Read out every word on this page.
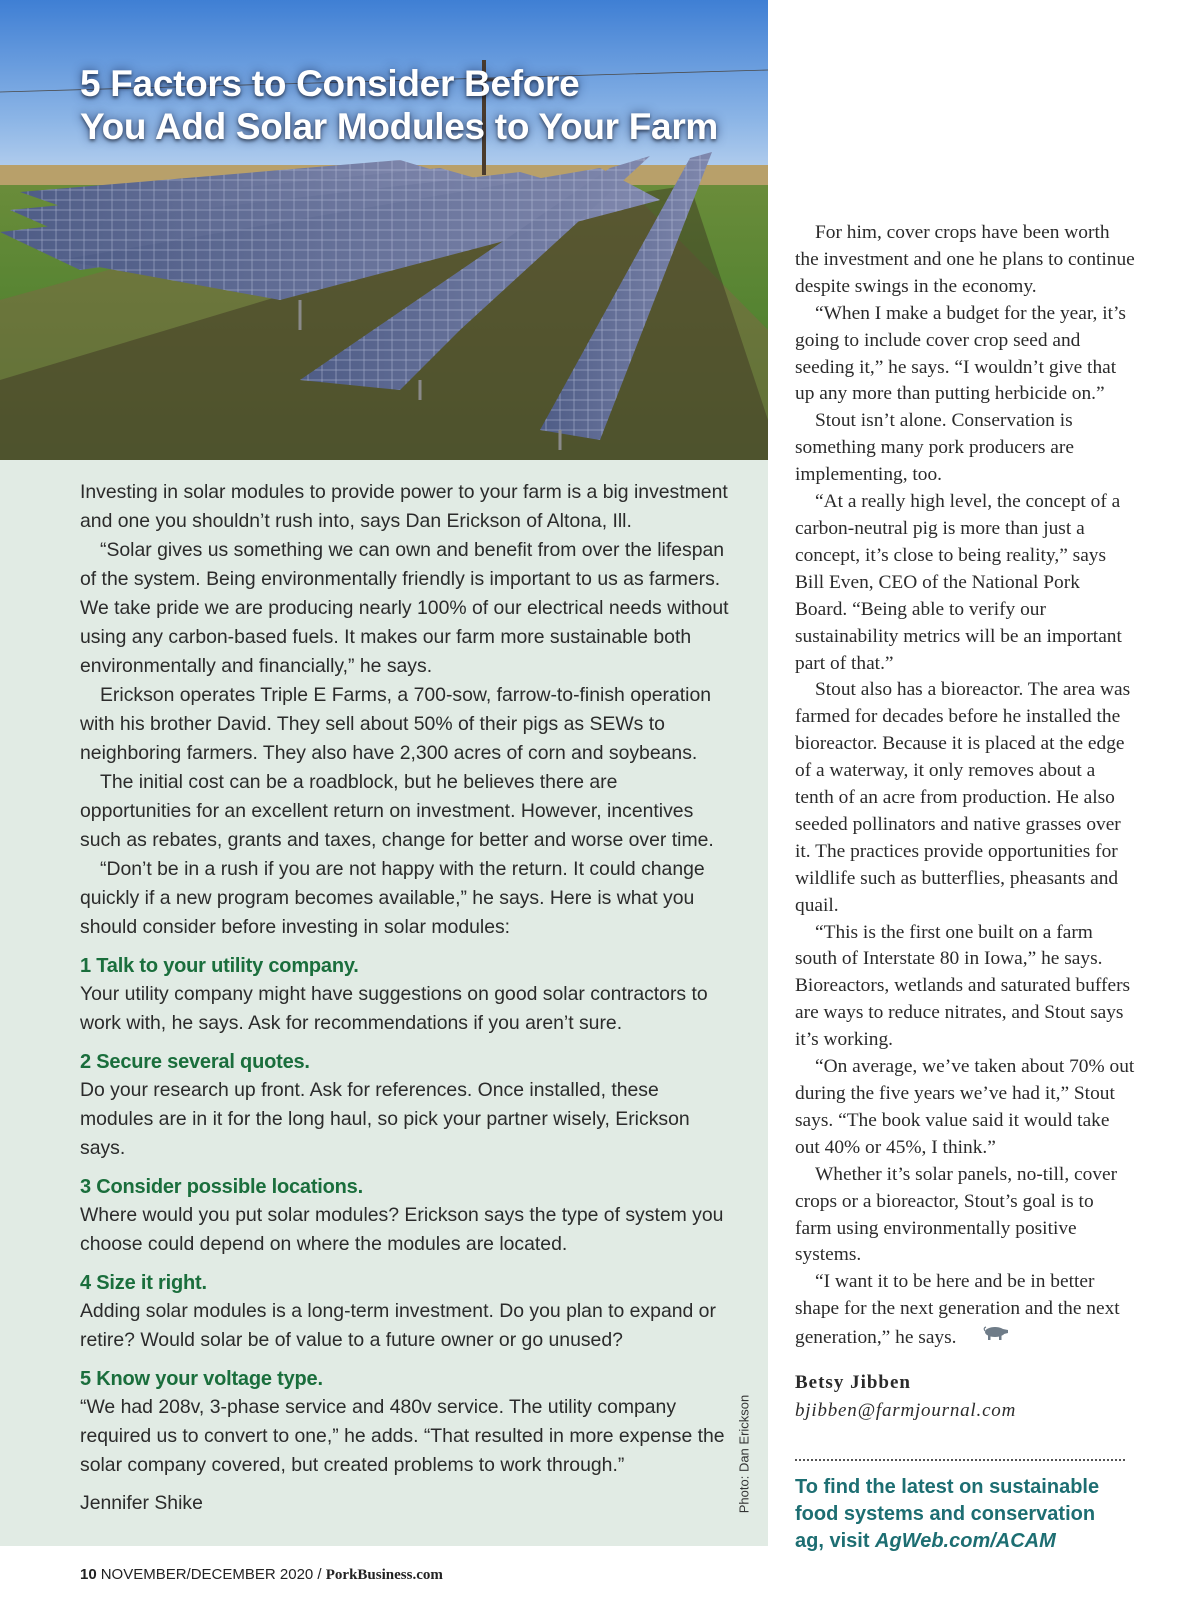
5 Factors to Consider Before
You Add Solar Modules to Your Farm

Investing in solar modules to provide power to your farm is a big investment and one you shouldn’t rush into, says Dan Erickson of Altona, Ill.

“Solar gives us something we can own and benefit from over the lifespan of the system. Being environmentally friendly is important to us as farmers. We take pride we are producing nearly 100% of our electrical needs without using any carbon-based fuels. It makes our farm more sustainable both environmentally and financially,” he says.

Erickson operates Triple E Farms, a 700-sow, farrow-to-finish operation with his brother David. They sell about 50% of their pigs as SEWs to neighboring farmers. They also have 2,300 acres of corn and soybeans.

The initial cost can be a roadblock, but he believes there are opportunities for an excellent return on investment. However, incentives such as rebates, grants and taxes, change for better and worse over time.

“Don’t be in a rush if you are not happy with the return. It could change quickly if a new program becomes available,” he says. Here is what you should consider before investing in solar modules:

1 Talk to your utility company.

Your utility company might have suggestions on good solar contractors to work with, he says. Ask for recommendations if you aren’t sure.

2 Secure several quotes.

Do your research up front. Ask for references. Once installed, these modules are in it for the long haul, so pick your partner wisely, Erickson says.

3 Consider possible locations.

Where would you put solar modules? Erickson says the type of system you choose could depend on where the modules are located.

4 Size it right.

Adding solar modules is a long-term investment. Do you plan to expand or retire? Would solar be of value to a future owner or go unused?

5 Know your voltage type.

“We had 208v, 3-phase service and 480v service. The utility company required us to convert to one,” he adds. “That resulted in more expense the solar company covered, but created problems to work through.”

Jennifer Shike	Photo: Dan Erickson

For him, cover crops have been worth the investment and one he plans to continue despite swings in the economy.

“When I make a budget for the year, it’s going to include cover crop seed and seeding it,” he says. “I wouldn’t give that up any more than putting herbicide on.”

Stout isn’t alone. Conservation is something many pork producers are implementing, too.

“At a really high level, the concept of a carbon-neutral pig is more than just a concept, it’s close to being reality,” says Bill Even, CEO of the National Pork Board. “Being able to verify our sustainability metrics will be an important part of that.”

Stout also has a bioreactor. The area was farmed for decades before he installed the bioreactor. Because it is placed at the edge of a waterway, it only removes about a tenth of an acre from production. He also seeded pollinators and native grasses over it. The practices provide opportunities for wildlife such as butterflies, pheasants and quail.

“This is the first one built on a farm south of Interstate 80 in Iowa,” he says. Bioreactors, wetlands and saturated buffers are ways to reduce nitrates, and Stout says it’s working.

“On average, we’ve taken about 70% out during the five years we’ve had it,” Stout says. “The book value said it would take out 40% or 45%, I think.”

Whether it’s solar panels, no-till, cover crops or a bioreactor, Stout’s goal is to farm using environmentally positive systems.

“I want it to be here and be in better shape for the next generation and the next generation,” he says.

Betsy Jibben

bjibben@farmjournal.com

To find the latest on sustainable food systems and conservation ag, visit AgWeb.com/ACAM

10 NOVEMBER/DECEMBER 2020 / PorkBusiness.com
